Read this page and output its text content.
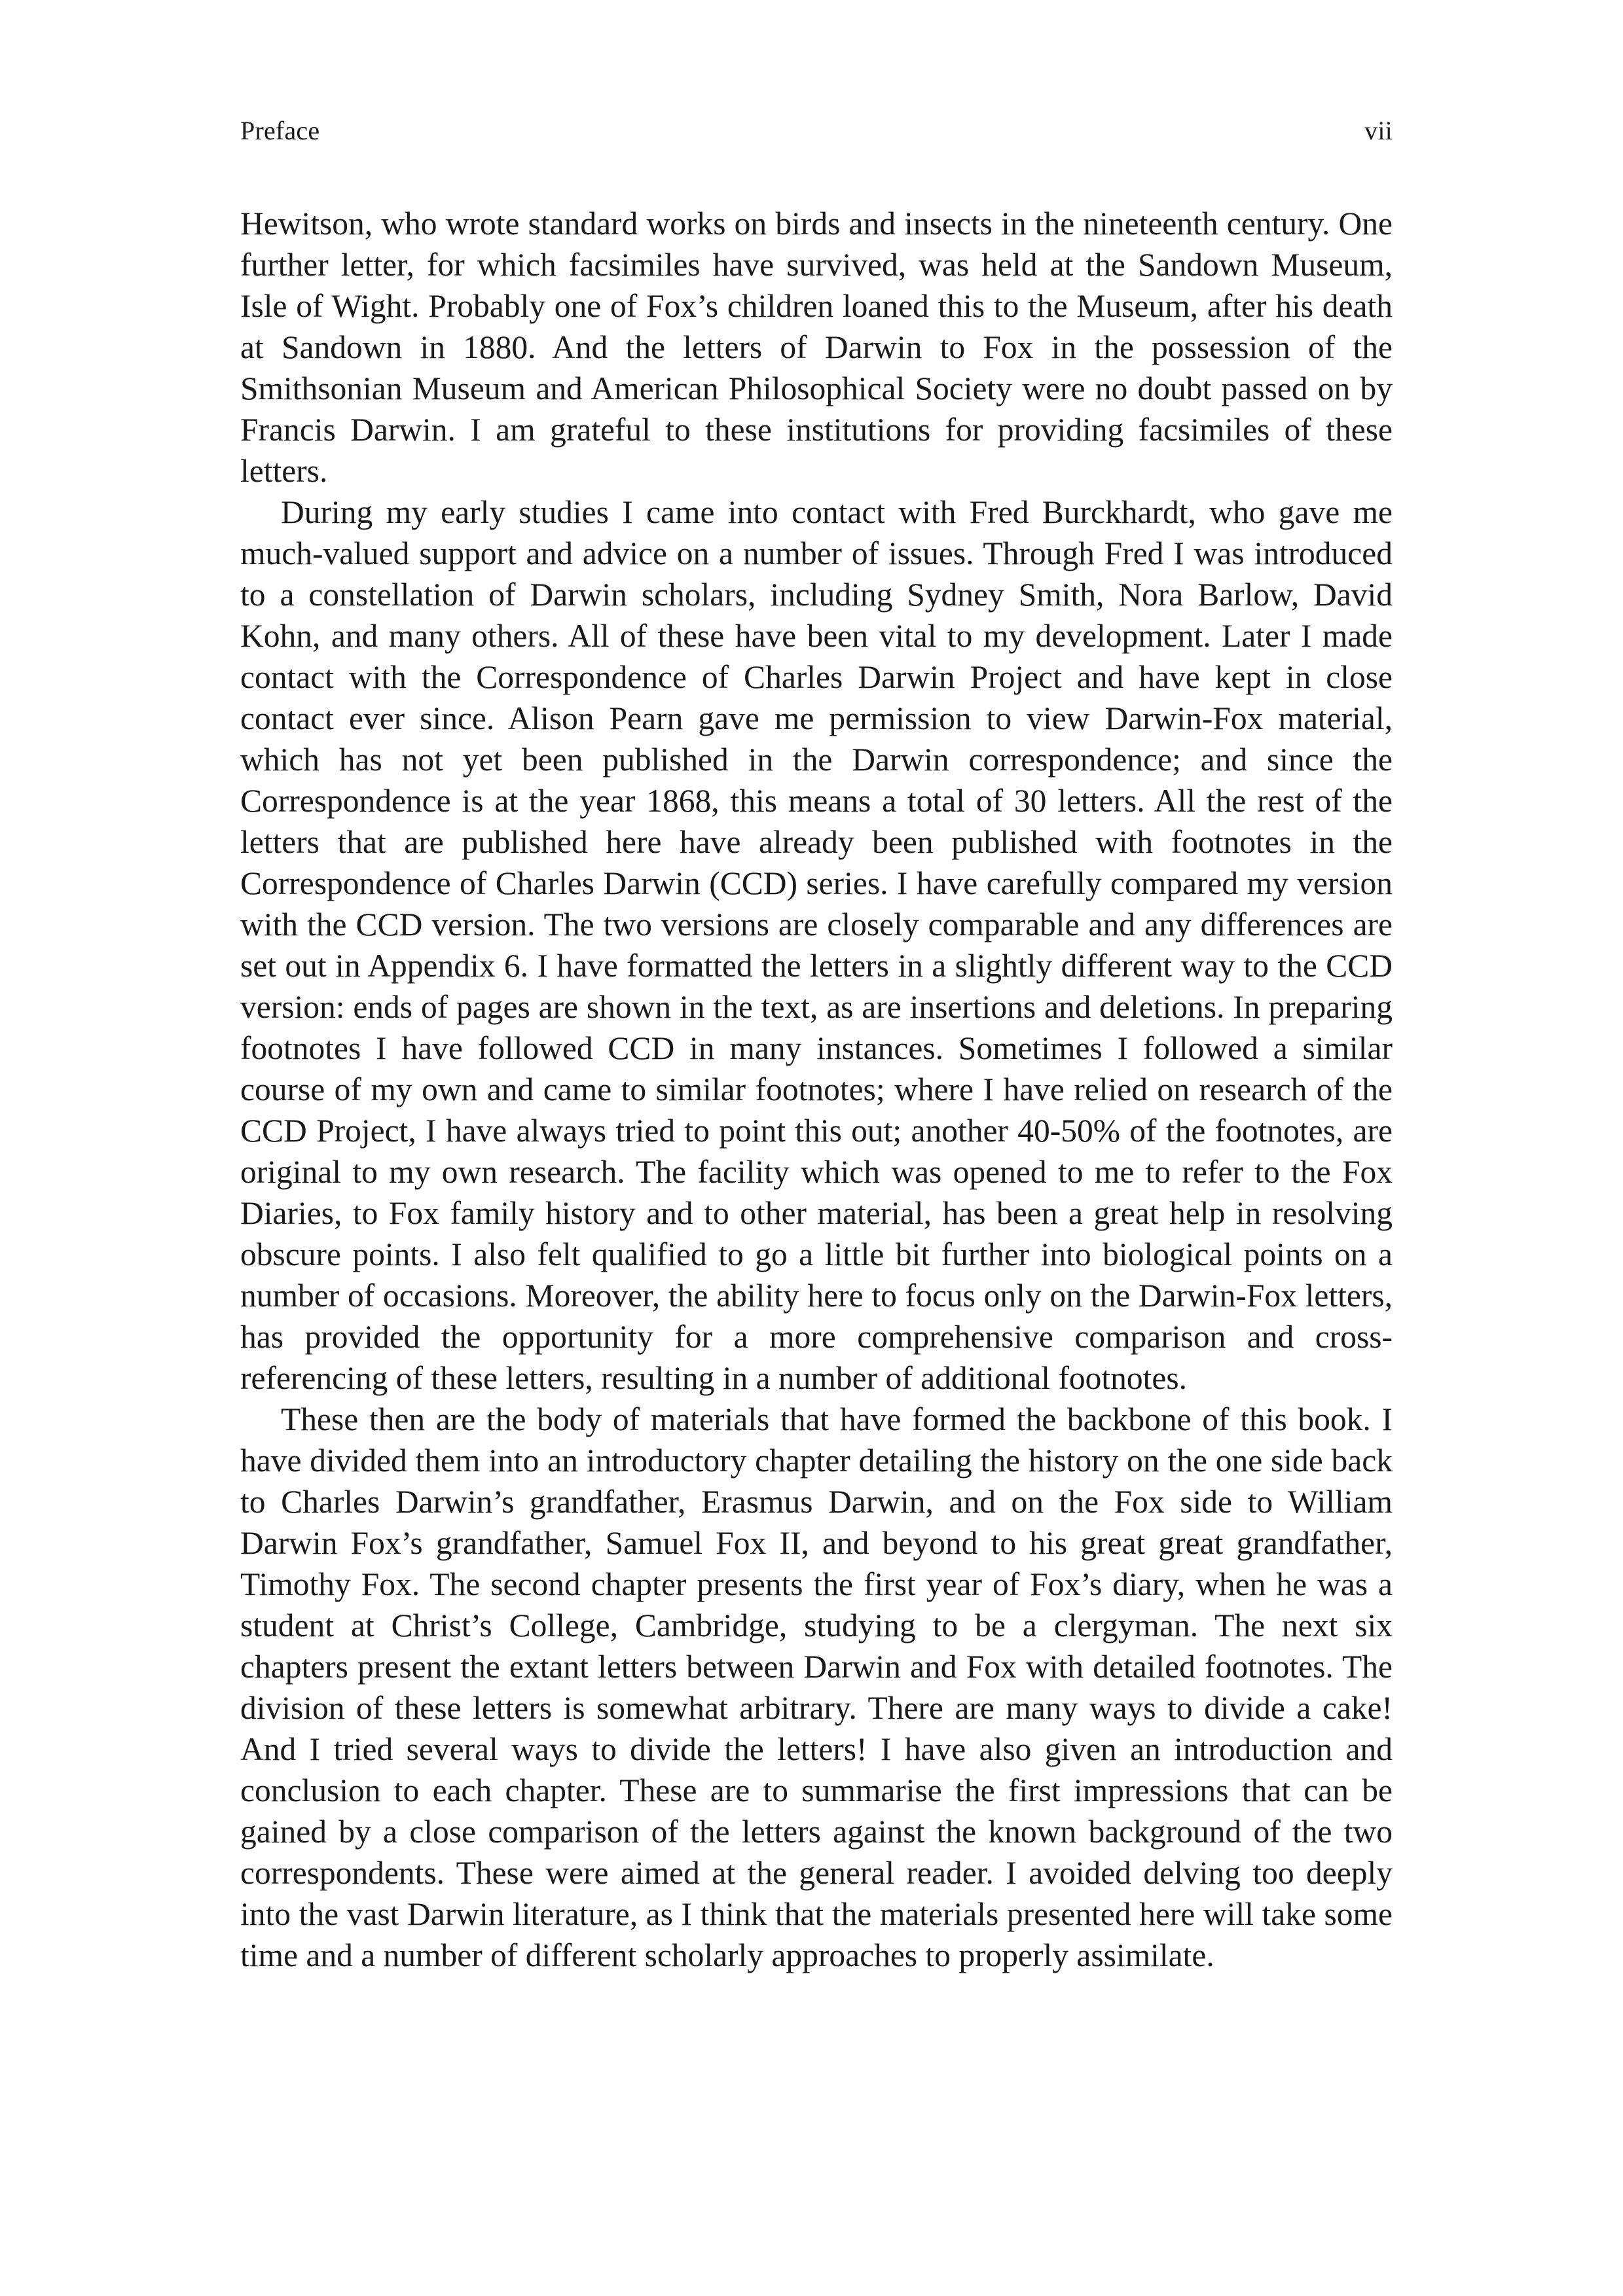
Preface	vii

Hewitson, who wrote standard works on birds and insects in the nineteenth century. One further letter, for which facsimiles have survived, was held at the Sandown Museum, Isle of Wight. Probably one of Fox’s children loaned this to the Museum, after his death at Sandown in 1880. And the letters of Darwin to Fox in the possession of the Smithsonian Museum and American Philosophical Society were no doubt passed on by Francis Darwin. I am grateful to these institutions for providing facsimiles of these letters.

During my early studies I came into contact with Fred Burckhardt, who gave me much-valued support and advice on a number of issues. Through Fred I was introduced to a constellation of Darwin scholars, including Sydney Smith, Nora Barlow, David Kohn, and many others. All of these have been vital to my development. Later I made contact with the Correspondence of Charles Darwin Project and have kept in close contact ever since. Alison Pearn gave me permission to view Darwin-Fox material, which has not yet been published in the Darwin correspondence; and since the Correspondence is at the year 1868, this means a total of 30 letters. All the rest of the letters that are published here have already been published with footnotes in the Correspondence of Charles Darwin (CCD) series. I have carefully compared my version with the CCD version. The two versions are closely comparable and any differences are set out in Appendix 6. I have formatted the letters in a slightly different way to the CCD version: ends of pages are shown in the text, as are insertions and deletions. In preparing footnotes I have followed CCD in many instances. Sometimes I followed a similar course of my own and came to similar footnotes; where I have relied on research of the CCD Project, I have always tried to point this out; another 40-50% of the footnotes, are original to my own research. The facility which was opened to me to refer to the Fox Diaries, to Fox family history and to other material, has been a great help in resolving obscure points. I also felt qualified to go a little bit further into biological points on a number of occasions. Moreover, the ability here to focus only on the Darwin-Fox letters, has provided the opportunity for a more comprehensive comparison and cross-referencing of these letters, resulting in a number of additional footnotes.

These then are the body of materials that have formed the backbone of this book. I have divided them into an introductory chapter detailing the history on the one side back to Charles Darwin’s grandfather, Erasmus Darwin, and on the Fox side to William Darwin Fox’s grandfather, Samuel Fox II, and beyond to his great great grandfather, Timothy Fox. The second chapter presents the first year of Fox’s diary, when he was a student at Christ’s College, Cambridge, studying to be a clergyman. The next six chapters present the extant letters between Darwin and Fox with detailed footnotes. The division of these letters is somewhat arbitrary. There are many ways to divide a cake! And I tried several ways to divide the letters! I have also given an introduction and conclusion to each chapter. These are to summarise the first impressions that can be gained by a close comparison of the letters against the known background of the two correspondents. These were aimed at the general reader. I avoided delving too deeply into the vast Darwin literature, as I think that the materials presented here will take some time and a number of different scholarly approaches to properly assimilate.
